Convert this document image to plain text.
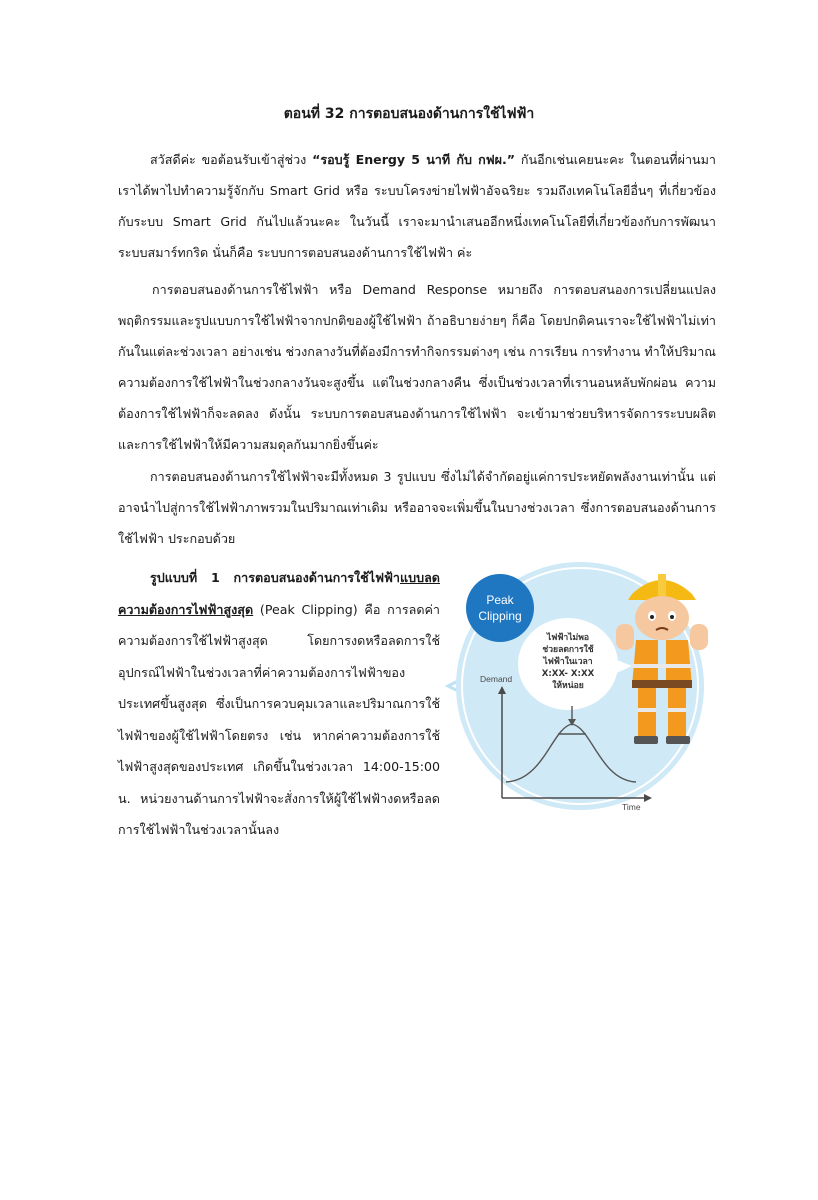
ตอนที่ 32 การตอบสนองด้านการใช้ไฟฟ้า

สวัสดีค่ะ ขอต้อนรับเข้าสู่ช่วง “รอบรู้ Energy 5 นาที กับ กฟผ.” กันอีกเช่นเคยนะคะ ในตอนที่ผ่านมา เราได้พาไปทำความรู้จักกับ Smart Grid หรือ ระบบโครงข่ายไฟฟ้าอัจฉริยะ รวมถึงเทคโนโลยีอื่นๆ ที่เกี่ยวข้องกับระบบ Smart Grid กันไปแล้วนะคะ ในวันนี้ เราจะมานำเสนออีกหนึ่งเทคโนโลยีที่เกี่ยวข้องกับการพัฒนาระบบสมาร์ทกริด นั่นก็คือ ระบบการตอบสนองด้านการใช้ไฟฟ้า ค่ะ

การตอบสนองด้านการใช้ไฟฟ้า หรือ Demand Response หมายถึง การตอบสนองการเปลี่ยนแปลงพฤติกรรมและรูปแบบการใช้ไฟฟ้าจากปกติของผู้ใช้ไฟฟ้า ถ้าอธิบายง่ายๆ ก็คือ โดยปกติคนเราจะใช้ไฟฟ้าไม่เท่ากันในแต่ละช่วงเวลา อย่างเช่น ช่วงกลางวันที่ต้องมีการทำกิจกรรมต่างๆ เช่น การเรียน การทำงาน ทำให้ปริมาณความต้องการใช้ไฟฟ้าในช่วงกลางวันจะสูงขึ้น แต่ในช่วงกลางคืน ซึ่งเป็นช่วงเวลาที่เรานอนหลับพักผ่อน ความต้องการใช้ไฟฟ้าก็จะลดลง ดังนั้น ระบบการตอบสนองด้านการใช้ไฟฟ้า จะเข้ามาช่วยบริหารจัดการระบบผลิต และการใช้ไฟฟ้าให้มีความสมดุลกันมากยิ่งขึ้นค่ะ

การตอบสนองด้านการใช้ไฟฟ้าจะมีทั้งหมด 3 รูปแบบ ซึ่งไม่ได้จำกัดอยู่แค่การประหยัดพลังงานเท่านั้น แต่อาจนำไปสู่การใช้ไฟฟ้าภาพรวมในปริมาณเท่าเดิม หรืออาจจะเพิ่มขึ้นในบางช่วงเวลา ซึ่งการตอบสนองด้านการใช้ไฟฟ้า ประกอบด้วย

รูปแบบที่ 1 การตอบสนองด้านการใช้ไฟฟ้าแบบลดความต้องการไฟฟ้าสูงสุด (Peak Clipping) คือ การลดค่าความต้องการใช้ไฟฟ้าสูงสุด โดยการงดหรือลดการใช้อุปกรณ์ไฟฟ้าในช่วงเวลาที่ค่าความต้องการไฟฟ้าของประเทศขึ้นสูงสุด ซึ่งเป็นการควบคุมเวลาและปริมาณการใช้ไฟฟ้าของผู้ใช้ไฟฟ้าโดยตรง เช่น หากค่าความต้องการใช้ไฟฟ้าสูงสุดของประเทศ เกิดขึ้นในช่วงเวลา 14:00-15:00 น. หน่วยงานด้านการไฟฟ้าจะสั่งการให้ผู้ใช้ไฟฟ้างดหรือลดการใช้ไฟฟ้าในช่วงเวลานั้นลง
Peak
Clipping
ไฟฟ้าไม่พอ
ช่วยลดการใช้
ไฟฟ้าในเวลา
X:XX- X:XX
ให้หน่อย
Demand
Time
